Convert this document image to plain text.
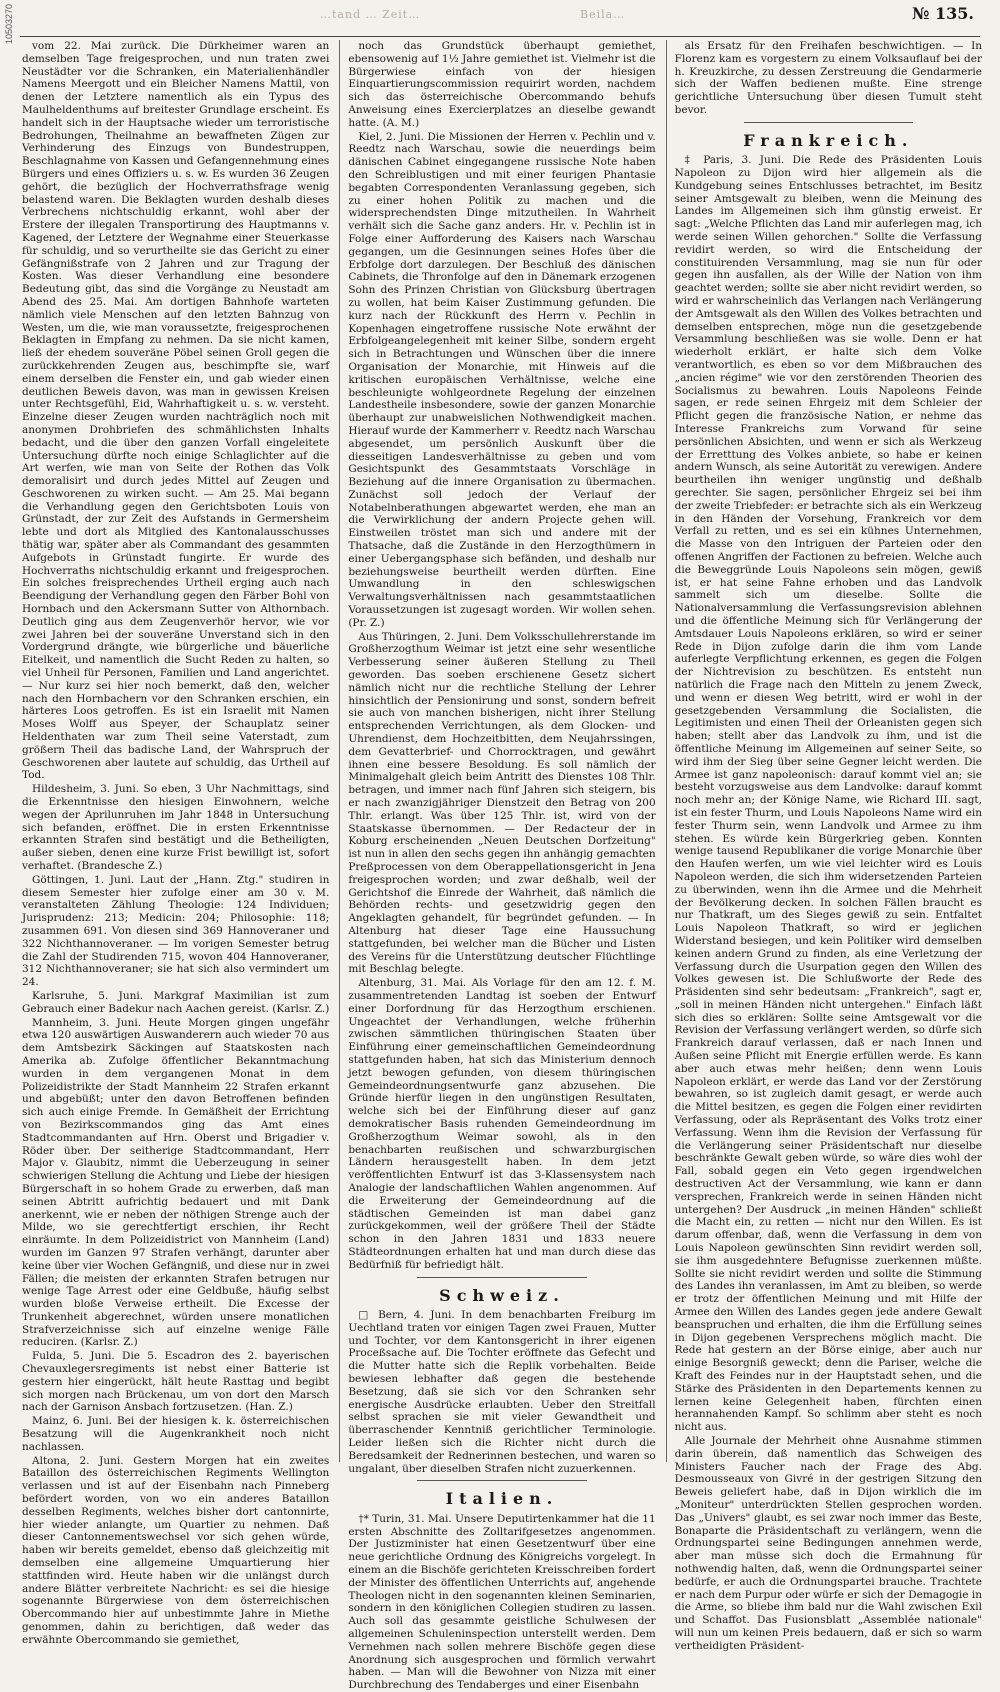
10503270	…tand … Zeit…	Beila…	№ 135.

vom 22. Mai zurück. Die Dürkheimer waren an demselben Tage freigesprochen, und nun traten zwei Neustädter vor die Schranken, ein Materialienhändler Namens Meergott und ein Bleicher Namens Mattil, von denen der Letztere namentlich als ein Typus des Maulheldenthums auf breitester Grundlage erscheint. Es handelt sich in der Hauptsache wieder um terroristische Bedrohungen, Theilnahme an bewaffneten Zügen zur Verhinderung des Einzugs von Bundestruppen, Beschlagnahme von Kassen und Gefangennehmung eines Bürgers und eines Offiziers u. s. w. Es wurden 36 Zeugen gehört, die bezüglich der Hochverrathsfrage wenig belastend waren. Die Beklagten wurden deshalb dieses Verbrechens nichtschuldig erkannt, wohl aber der Erstere der illegalen Transportirung des Hauptmanns v. Kagened, der Letztere der Wegnahme einer Steuerkasse für schuldig, und so verurtheilte sie das Gericht zu einer Gefängnißstrafe von 2 Jahren und zur Tragung der Kosten. Was dieser Verhandlung eine besondere Bedeutung gibt, das sind die Vorgänge zu Neustadt am Abend des 25. Mai. Am dortigen Bahnhofe warteten nämlich viele Menschen auf den letzten Bahnzug von Westen, um die, wie man voraussetzte, freigesprochenen Beklagten in Empfang zu nehmen. Da sie nicht kamen, ließ der ehedem souveräne Pöbel seinen Groll gegen die zurückkehrenden Zeugen aus, beschimpfte sie, warf einem derselben die Fenster ein, und gab wieder einen deutlichen Beweis davon, was man in gewissen Kreisen unter Rechtsgefühl, Eid, Wahrhaftigkeit u. s. w. versteht. Einzelne dieser Zeugen wurden nachträglich noch mit anonymen Drohbriefen des schmählichsten Inhalts bedacht, und die über den ganzen Vorfall eingeleitete Untersuchung dürfte noch einige Schlaglichter auf die Art werfen, wie man von Seite der Rothen das Volk demoralisirt und durch jedes Mittel auf Zeugen und Geschworenen zu wirken sucht. — Am 25. Mai begann die Verhandlung gegen den Gerichtsboten Louis von Grünstadt, der zur Zeit des Aufstands in Germersheim lebte und dort als Mitglied des Kantonalausschusses thätig war, später aber als Commandant des gesammten Aufgebots in Grünstadt fungirte. Er wurde des Hochverraths nichtschuldig erkannt und freigesprochen. Ein solches freisprechendes Urtheil erging auch nach Beendigung der Verhandlung gegen den Färber Bohl von Hornbach und den Ackersmann Sutter von Althornbach. Deutlich ging aus dem Zeugenverhör hervor, wie vor zwei Jahren bei der souveräne Unverstand sich in den Vordergrund drängte, wie bürgerliche und bäuerliche Eitelkeit, und namentlich die Sucht Reden zu halten, so viel Unheil für Personen, Familien und Land angerichtet. — Nur kurz sei hier noch bemerkt, daß den, welcher nach den Hornbachern vor den Schranken erschien, ein härteres Loos getroffen. Es ist ein Israelit mit Namen Moses Wolff aus Speyer, der Schauplatz seiner Heldenthaten war zum Theil seine Vaterstadt, zum größern Theil das badische Land, der Wahrspruch der Geschworenen aber lautete auf schuldig, das Urtheil auf Tod.

Hildesheim, 3. Juni. So eben, 3 Uhr Nachmittags, sind die Erkenntnisse den hiesigen Einwohnern, welche wegen der Aprilunruhen im Jahr 1848 in Untersuchung sich befanden, eröffnet. Die in ersten Erkenntnisse erkannten Strafen sind bestätigt und die Betheiligten, außer sieben, denen eine kurze Frist bewilligt ist, sofort verhaftet. (Brandesche Z.)

Göttingen, 1. Juni. Laut der „Hann. Ztg." studiren in diesem Semester hier zufolge einer am 30 v. M. veranstalteten Zählung Theologie: 124 Individuen; Jurisprudenz: 213; Medicin: 204; Philosophie: 118; zusammen 691. Von diesen sind 369 Hannoveraner und 322 Nichthannoveraner. — Im vorigen Semester betrug die Zahl der Studirenden 715, wovon 404 Hannoveraner, 312 Nichthannoveraner; sie hat sich also vermindert um 24.

Karlsruhe, 5. Juni. Markgraf Maximilian ist zum Gebrauch einer Badekur nach Aachen gereist. (Karlsr. Z.)

Mannheim, 3. Juni. Heute Morgen gingen ungefähr etwa 120 auswärtigen Auswanderern auch wieder 70 aus dem Amtsbezirk Säckingen auf Staatskosten nach Amerika ab. Zufolge öffentlicher Bekanntmachung wurden in dem vergangenen Monat in dem Polizeidistrikte der Stadt Mannheim 22 Strafen erkannt und abgebüßt; unter den davon Betroffenen befinden sich auch einige Fremde. In Gemäßheit der Errichtung von Bezirkscommandos ging das Amt eines Stadtcommandanten auf Hrn. Oberst und Brigadier v. Röder über. Der seitherige Stadtcommandant, Herr Major v. Glaubitz, nimmt die Ueberzeugung in seiner schwierigen Stellung die Achtung und Liebe der hiesigen Bürgerschaft in so hohem Grade zu erwerben, daß man seinen Abtritt aufrichtig bedauert und mit Dank anerkennt, wie er neben der nöthigen Strenge auch der Milde, wo sie gerechtfertigt erschien, ihr Recht einräumte. In dem Polizeidistrict von Mannheim (Land) wurden im Ganzen 97 Strafen verhängt, darunter aber keine über vier Wochen Gefängniß, und diese nur in zwei Fällen; die meisten der erkannten Strafen betrugen nur wenige Tage Arrest oder eine Geldbuße, häufig selbst wurden bloße Verweise ertheilt. Die Excesse der Trunkenheit abgerechnet, würden unsere monatlichen Strafverzeichnisse sich auf einzelne wenige Fälle reduciren. (Karlsr. Z.)

Fulda, 5. Juni. Die 5. Escadron des 2. bayerischen Chevauxlegersregiments ist nebst einer Batterie ist gestern hier eingerückt, hält heute Rasttag und begibt sich morgen nach Brückenau, um von dort den Marsch nach der Garnison Ansbach fortzusetzen. (Han. Z.)

Mainz, 6. Juni. Bei der hiesigen k. k. österreichischen Besatzung will die Augenkrankheit noch nicht nachlassen.

Altona, 2. Juni. Gestern Morgen hat ein zweites Bataillon des österreichischen Regiments Wellington verlassen und ist auf der Eisenbahn nach Pinneberg befördert worden, von wo ein anderes Bataillon desselben Regiments, welches bisher dort cantonnirte, hier wieder anlangte, um Quartier zu nehmen. Daß dieser Cantonnementswechsel vor sich gehen würde, haben wir bereits gemeldet, ebenso daß gleichzeitig mit demselben eine allgemeine Umquartierung hier stattfinden wird. Heute haben wir die unlängst durch andere Blätter verbreitete Nachricht: es sei die hiesige sogenannte Bürgerwiese von dem österreichischen Obercommando hier auf unbestimmte Jahre in Miethe genommen, dahin zu berichtigen, daß weder das erwähnte Obercommando sie gemiethet,

noch das Grundstück überhaupt gemiethet, ebensowenig auf 1½ Jahre gemiethet ist. Vielmehr ist die Bürgerwiese einfach von der hiesigen Einquartierungscommission requirirt worden, nachdem sich das österreichische Obercommando behufs Anweisung eines Exercierplatzes an dieselbe gewandt hatte. (A. M.)

Kiel, 2. Juni. Die Missionen der Herren v. Pechlin und v. Reedtz nach Warschau, sowie die neuerdings beim dänischen Cabinet eingegangene russische Note haben den Schreiblustigen und mit einer feurigen Phantasie begabten Correspondenten Veranlassung gegeben, sich zu einer hohen Politik zu machen und die widersprechendsten Dinge mitzutheilen. In Wahrheit verhält sich die Sache ganz anders. Hr. v. Pechlin ist in Folge einer Aufforderung des Kaisers nach Warschau gegangen, um die Gesinnungen seines Hofes über die Erbfolge dort darzulegen. Der Beschluß des dänischen Cabinets, die Thronfolge auf den in Dänemark erzogenen Sohn des Prinzen Christian von Glücksburg übertragen zu wollen, hat beim Kaiser Zustimmung gefunden. Die kurz nach der Rückkunft des Herrn v. Pechlin in Kopenhagen eingetroffene russische Note erwähnt der Erbfolgeangelegenheit mit keiner Silbe, sondern ergeht sich in Betrachtungen und Wünschen über die innere Organisation der Monarchie, mit Hinweis auf die kritischen europäischen Verhältnisse, welche eine beschleunigte wohlgeordnete Regelung der einzelnen Landestheile insbesondere, sowie der ganzen Monarchie überhaupt zur unabweislichen Nothwendigkeit machen. Hierauf wurde der Kammerherr v. Reedtz nach Warschau abgesendet, um persönlich Auskunft über die diesseitigen Landesverhältnisse zu geben und vom Gesichtspunkt des Gesammtstaats Vorschläge in Beziehung auf die innere Organisation zu übermachen. Zunächst soll jedoch der Verlauf der Notabelnberathungen abgewartet werden, ehe man an die Verwirklichung der andern Projecte gehen will. Einstweilen tröstet man sich und andere mit der Thatsache, daß die Zustände in den Herzogthümern in einer Uebergangsphase sich befänden, und deshalb nur beziehungsweise beurtheilt werden dürften. Eine Umwandlung in den schleswigschen Verwaltungsverhältnissen nach gesammtstaatlichen Voraussetzungen ist zugesagt worden. Wir wollen sehen. (Pr. Z.)

Aus Thüringen, 2. Juni. Dem Volksschullehrerstande im Großherzogthum Weimar ist jetzt eine sehr wesentliche Verbesserung seiner äußeren Stellung zu Theil geworden. Das soeben erschienene Gesetz sichert nämlich nicht nur die rechtliche Stellung der Lehrer hinsichtlich der Pensionirung und sonst, sondern befreit sie auch von manchen bisherigen, nicht ihrer Stellung entsprechenden Verrichtungen, als dem Glocken- und Uhrendienst, dem Hochzeitbitten, dem Neujahrssingen, dem Gevatterbrief- und Chorrocktragen, und gewährt ihnen eine bessere Besoldung. Es soll nämlich der Minimalgehalt gleich beim Antritt des Dienstes 108 Thlr. betragen, und immer nach fünf Jahren sich steigern, bis er nach zwanzigjähriger Dienstzeit den Betrag von 200 Thlr. erlangt. Was über 125 Thlr. ist, wird von der Staatskasse übernommen. — Der Redacteur der in Koburg erscheinenden „Neuen Deutschen Dorfzeitung" ist nun in allen den sechs gegen ihn anhängig gemachten Preßprocessen von dem Oberappellationsgericht in Jena freigesprochen worden; und zwar deßhalb, weil der Gerichtshof die Einrede der Wahrheit, daß nämlich die Behörden rechts- und gesetzwidrig gegen den Angeklagten gehandelt, für begründet gefunden. — In Altenburg hat dieser Tage eine Haussuchung stattgefunden, bei welcher man die Bücher und Listen des Vereins für die Unterstützung deutscher Flüchtlinge mit Beschlag belegte.

Altenburg, 31. Mai. Als Vorlage für den am 12. f. M. zusammentretenden Landtag ist soeben der Entwurf einer Dorfordnung für das Herzogthum erschienen. Ungeachtet der Verhandlungen, welche früherhin zwischen sämmtlichen thüringischen Staaten über Einführung einer gemeinschaftlichen Gemeindeordnung stattgefunden haben, hat sich das Ministerium dennoch jetzt bewogen gefunden, von diesem thüringischen Gemeindeordnungsentwurfe ganz abzusehen. Die Gründe hierfür liegen in den ungünstigen Resultaten, welche sich bei der Einführung dieser auf ganz demokratischer Basis ruhenden Gemeindeordnung im Großherzogthum Weimar sowohl, als in den benachbarten reußischen und schwarzburgischen Ländern herausgestellt haben. In dem jetzt veröffentlichten Entwurf ist das 3-Klassensystem nach Analogie der landschaftlichen Wahlen angenommen. Auf die Erweiterung der Gemeindeordnung auf die städtischen Gemeinden ist man dabei ganz zurückgekommen, weil der größere Theil der Städte schon in den Jahren 1831 und 1833 neuere Städteordnungen erhalten hat und man durch diese das Bedürfniß für befriedigt hält.

Schweiz.

□ Bern, 4. Juni. In dem benachbarten Freiburg im Uechtland traten vor einigen Tagen zwei Frauen, Mutter und Tochter, vor dem Kantonsgericht in ihrer eigenen Proceßsache auf. Die Tochter eröffnete das Gefecht und die Mutter hatte sich die Replik vorbehalten. Beide bewiesen lebhafter daß gegen die bestehende Besetzung, daß sie sich vor den Schranken sehr energische Ausdrücke erlaubten. Ueber den Streitfall selbst sprachen sie mit vieler Gewandtheit und überraschender Kenntniß gerichtlicher Terminologie. Leider ließen sich die Richter nicht durch die Beredsamkeit der Rednerinnen bestechen, und waren so ungalant, über dieselben Strafen nicht zuzuerkennen.

Italien.

†* Turin, 31. Mai. Unsere Deputirtenkammer hat die 11 ersten Abschnitte des Zolltarifgesetzes angenommen. Der Justizminister hat einen Gesetzentwurf über eine neue gerichtliche Ordnung des Königreichs vorgelegt. In einem an die Bischöfe gerichteten Kreisschreiben fordert der Minister des öffentlichen Unterrichts auf, angehende Theologen nicht in den sogenannten kleinen Seminarien, sondern in den königlichen Collegien studiren zu lassen. Auch soll das gesammte geistliche Schulwesen der allgemeinen Schuleninspection unterstellt werden. Dem Vernehmen nach sollen mehrere Bischöfe gegen diese Anordnung sich ausgesprochen und förmlich verwahrt haben. — Man will die Bewohner von Nizza mit einer Durchbrechung des Tendaberges und einer Eisenbahn

als Ersatz für den Freihafen beschwichtigen. — In Florenz kam es vorgestern zu einem Volksauflauf bei der h. Kreuzkirche, zu dessen Zerstreuung die Gendarmerie sich der Waffen bedienen mußte. Eine strenge gerichtliche Untersuchung über diesen Tumult steht bevor.

Frankreich.

‡ Paris, 3. Juni. Die Rede des Präsidenten Louis Napoleon zu Dijon wird hier allgemein als die Kundgebung seines Entschlusses betrachtet, im Besitz seiner Amtsgewalt zu bleiben, wenn die Meinung des Landes im Allgemeinen sich ihm günstig erweist. Er sagt: „Welche Pflichten das Land mir auferlegen mag, ich werde seinen Willen gehorchen." Sollte die Verfassung revidirt werden, so wird die Entscheidung der constituirenden Versammlung, mag sie nun für oder gegen ihn ausfallen, als der Wille der Nation von ihm geachtet werden; sollte sie aber nicht revidirt werden, so wird er wahrscheinlich das Verlangen nach Verlängerung der Amtsgewalt als den Willen des Volkes betrachten und demselben entsprechen, möge nun die gesetzgebende Versammlung beschließen was sie wolle. Denn er hat wiederholt erklärt, er halte sich dem Volke verantwortlich, es eben so vor dem Mißbrauchen des „ancien régime" wie vor den zerstörenden Theorien des Socialismus zu bewahren. Louis Napoleons Feinde sagen, er rede seinen Ehrgeiz mit dem Schleier der Pflicht gegen die französische Nation, er nehme das Interesse Frankreichs zum Vorwand für seine persönlichen Absichten, und wenn er sich als Werkzeug der Erretttung des Volkes anbiete, so habe er keinen andern Wunsch, als seine Autorität zu verewigen. Andere beurtheilen ihn weniger ungünstig und deßhalb gerechter. Sie sagen, persönlicher Ehrgeiz sei bei ihm der zweite Triebfeder: er betrachte sich als ein Werkzeug in den Händen der Vorsehung, Frankreich vor dem Verfall zu retten, und es sei ein kühnes Unternehmen, die Masse von den Intriguen der Parteien oder den offenen Angriffen der Factionen zu befreien. Welche auch die Beweggründe Louis Napoleons sein mögen, gewiß ist, er hat seine Fahne erhoben und das Landvolk sammelt sich um dieselbe. Sollte die Nationalversammlung die Verfassungsrevision ablehnen und die öffentliche Meinung sich für Verlängerung der Amtsdauer Louis Napoleons erklären, so wird er seiner Rede in Dijon zufolge darin die ihm vom Lande auferlegte Verpflichtung erkennen, es gegen die Folgen der Nichtrevision zu beschützen. Es entsteht nun natürlich die Frage nach den Mitteln zu jenem Zweck, und wenn er diesen Weg betritt, wird er wohl in der gesetzgebenden Versammlung die Socialisten, die Legitimisten und einen Theil der Orleanisten gegen sich haben; stellt aber das Landvolk zu ihm, und ist die öffentliche Meinung im Allgemeinen auf seiner Seite, so wird ihm der Sieg über seine Gegner leicht werden. Die Armee ist ganz napoleonisch: darauf kommt viel an; sie besteht vorzugsweise aus dem Landvolke: darauf kommt noch mehr an; der Könige Name, wie Richard III. sagt, ist ein fester Thurm, und Louis Napoleons Name wird ein fester Thurm sein, wenn Landvolk und Armee zu ihm stehen. Es würde kein Bürgerkrieg geben. Konnten wenige tausend Republikaner die vorige Monarchie über den Haufen werfen, um wie viel leichter wird es Louis Napoleon werden, die sich ihm widersetzenden Parteien zu überwinden, wenn ihn die Armee und die Mehrheit der Bevölkerung decken. In solchen Fällen braucht es nur Thatkraft, um des Sieges gewiß zu sein. Entfaltet Louis Napoleon Thatkraft, so wird er jeglichen Widerstand besiegen, und kein Politiker wird demselben keinen andern Grund zu finden, als eine Verletzung der Verfassung durch die Usurpation gegen den Willen des Volkes gewesen ist. Die Schlußworte der Rede des Präsidenten sind sehr bedeutsam: „Frankreich", sagt er, „soll in meinen Händen nicht untergehen." Einfach läßt sich dies so erklären: Sollte seine Amtsgewalt vor die Revision der Verfassung verlängert werden, so dürfe sich Frankreich darauf verlassen, daß er nach Innen und Außen seine Pflicht mit Energie erfüllen werde. Es kann aber auch etwas mehr heißen; denn wenn Louis Napoleon erklärt, er werde das Land vor der Zerstörung bewahren, so ist zugleich damit gesagt, er werde auch die Mittel besitzen, es gegen die Folgen einer revidirten Verfassung, oder als Repräsentant des Volks trotz einer Verfassung. Wenn ihm die Revision der Verfassung für die Verlängerung seiner Präsidentschaft nur dieselbe beschränkte Gewalt geben würde, so wäre dies wohl der Fall, sobald gegen ein Veto gegen irgendwelchen destructiven Act der Versammlung, wie kann er dann versprechen, Frankreich werde in seinen Händen nicht untergehen? Der Ausdruck „in meinen Händen" schließt die Macht ein, zu retten — nicht nur den Willen. Es ist darum offenbar, daß, wenn die Verfassung in dem von Louis Napoleon gewünschten Sinn revidirt werden soll, sie ihm ausgedehntere Befugnisse zuerkennen müßte. Sollte sie nicht revidirt werden und sollte die Stimmung des Landes ihn veranlassen, im Amt zu bleiben, so werde er trotz der öffentlichen Meinung und mit Hilfe der Armee den Willen des Landes gegen jede andere Gewalt beanspruchen und erhalten, die ihm die Erfüllung seines in Dijon gegebenen Versprechens möglich macht. Die Rede hat gestern an der Börse einige, aber auch nur einige Besorgniß geweckt; denn die Pariser, welche die Kraft des Feindes nur in der Hauptstadt sehen, und die Stärke des Präsidenten in den Departements kennen zu lernen keine Gelegenheit haben, fürchten einen herannahenden Kampf. So schlimm aber steht es noch nicht aus.

Alle Journale der Mehrheit ohne Ausnahme stimmen darin überein, daß namentlich das Schweigen des Ministers Faucher nach der Frage des Abg. Desmousseaux von Givré in der gestrigen Sitzung den Beweis geliefert habe, daß in Dijon wirklich die im „Moniteur" unterdrückten Stellen gesprochen worden. Das „Univers" glaubt, es sei zwar noch immer das Beste, Bonaparte die Präsidentschaft zu verlängern, wenn die Ordnungspartei seine Bedingungen annehmen werde, aber man müsse sich doch die Ermahnung für nothwendig halten, daß, wenn die Ordnungspartei seiner bedürfe, er auch die Ordnungspartei brauche. Trachtete er nach dem Purpur oder würfe er sich der Demagogie in die Arme, so bliebe ihm bald nur die Wahl zwischen Exil und Schaffot. Das Fusionsblatt „Assemblée nationale" will nun um keinen Preis bedauern, daß er sich so warm vertheidigten Präsident-
